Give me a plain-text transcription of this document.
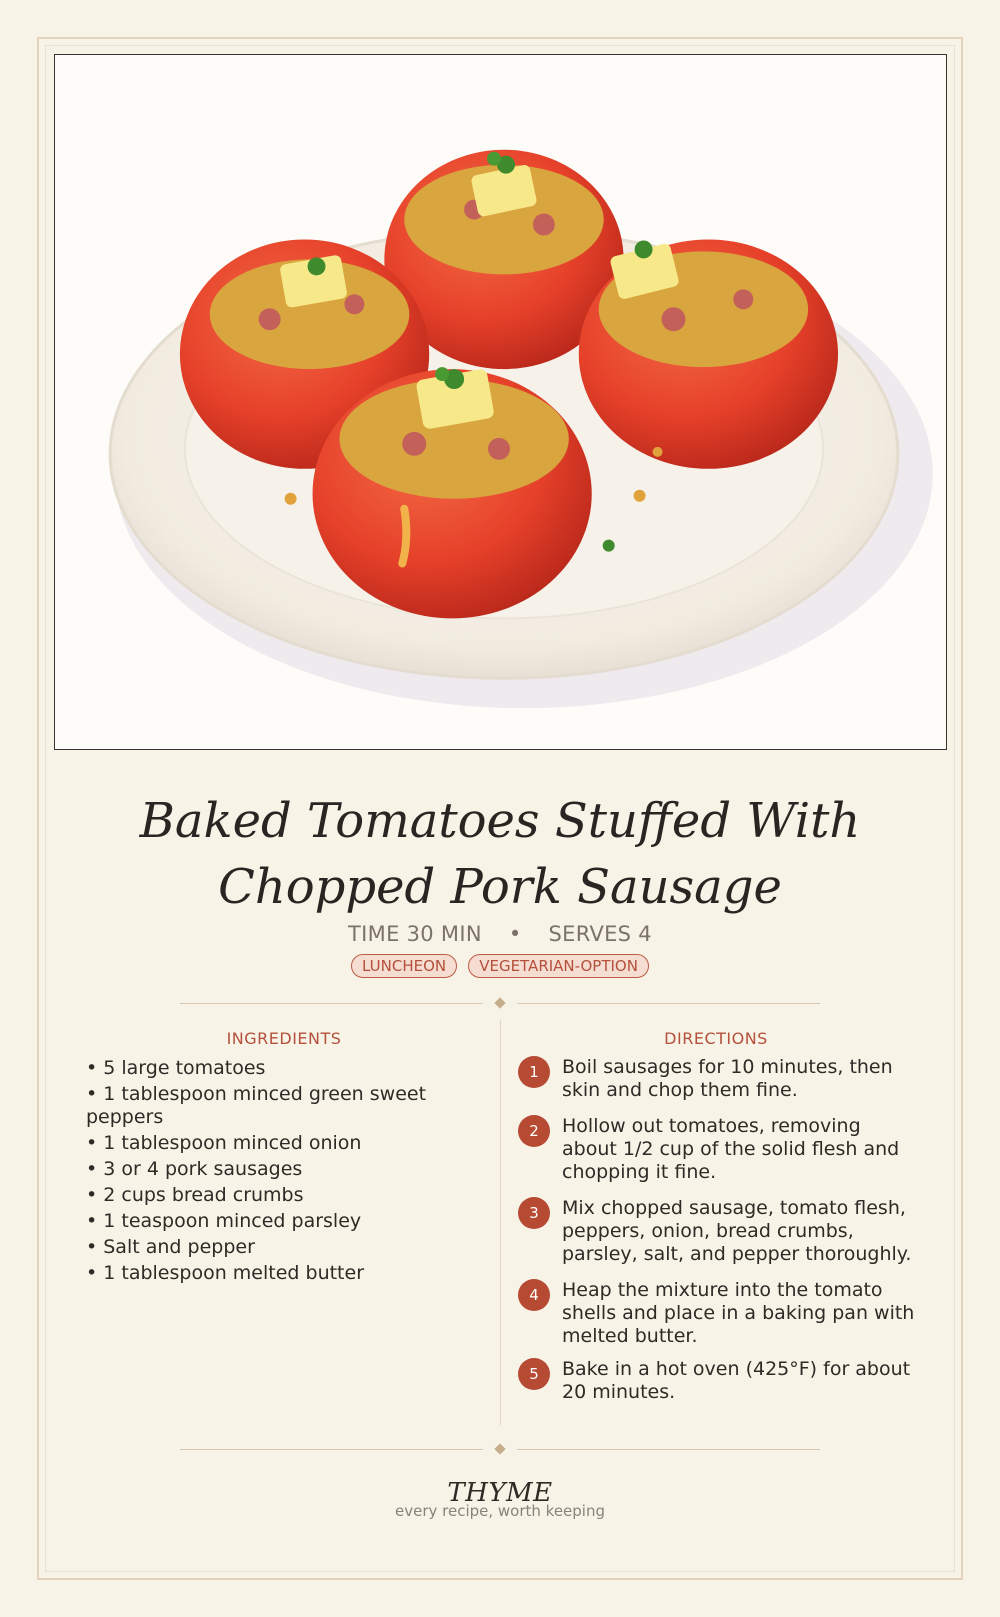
Baked Tomatoes Stuffed With Chopped Pork Sausage
TIME 30 MIN • SERVES 4
LUNCHEON VEGETARIAN-OPTION
INGREDIENTS
• 5 large tomatoes
• 1 tablespoon minced green sweet peppers
• 1 tablespoon minced onion
• 3 or 4 pork sausages
• 2 cups bread crumbs
• 1 teaspoon minced parsley
• Salt and pepper
• 1 tablespoon melted butter
DIRECTIONS
1	Boil sausages for 10 minutes, then skin and chop them fine.
2	Hollow out tomatoes, removing about 1/2 cup of the solid flesh and chopping it fine.
3	Mix chopped sausage, tomato flesh, peppers, onion, bread crumbs, parsley, salt, and pepper thoroughly.
4	Heap the mixture into the tomato shells and place in a baking pan with melted butter.
5	Bake in a hot oven (425°F) for about 20 minutes.
THYME
every recipe, worth keeping
